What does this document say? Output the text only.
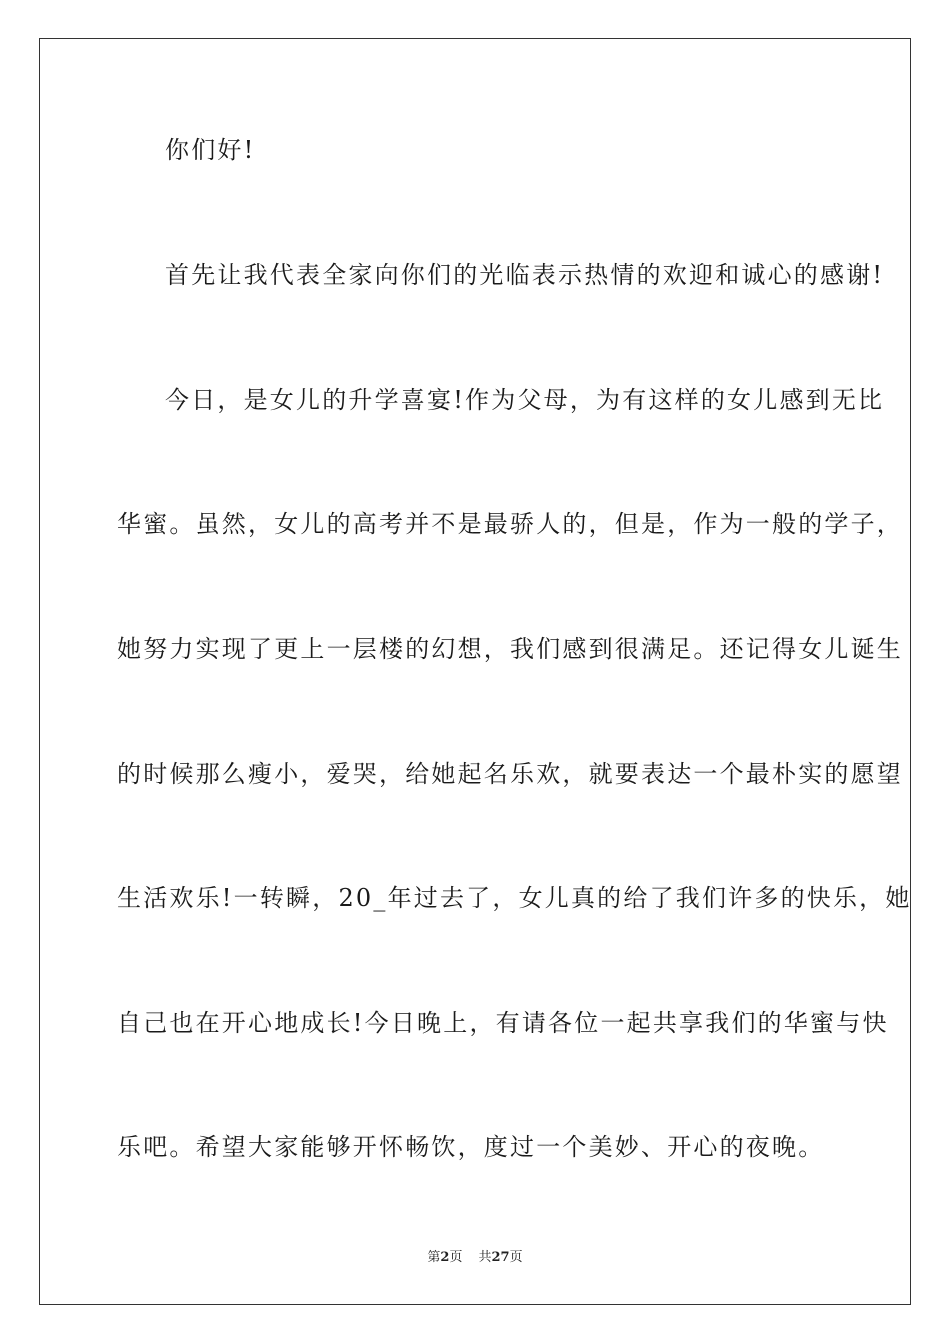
你们好!
首先让我代表全家向你们的光临表示热情的欢迎和诚心的感谢!
今日，是女儿的升学喜宴!作为父母，为有这样的女儿感到无比
华蜜。虽然，女儿的高考并不是最骄人的，但是，作为一般的学子，
她努力实现了更上一层楼的幻想，我们感到很满足。还记得女儿诞生
的时候那么瘦小，爱哭，给她起名乐欢，就要表达一个最朴实的愿望
生活欢乐!一转瞬，20_年过去了，女儿真的给了我们许多的快乐，她
自己也在开心地成长!今日晚上，有请各位一起共享我们的华蜜与快
乐吧。希望大家能够开怀畅饮，度过一个美妙、开心的夜晚。
第2页 共27页
